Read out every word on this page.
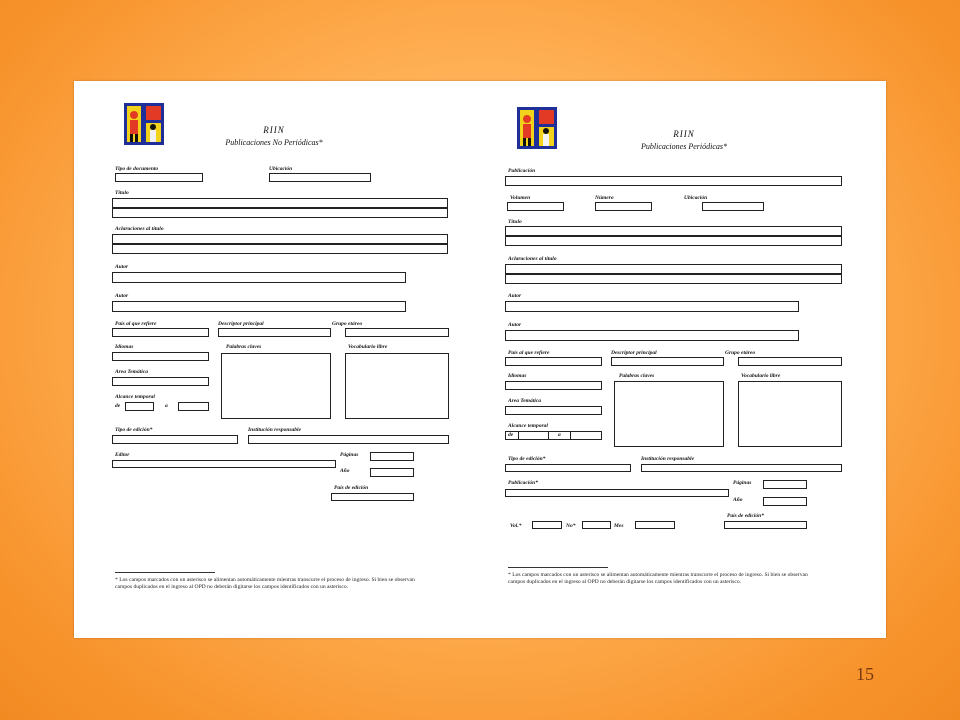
RIIN
Publicaciones No Periódicas*
Tipo de documento	Ubicación
Título
Aclaraciones al título
Autor
Autor
País al que refiere	Descriptor principal	Grupo etáreo
Idiomas	Palabras claves	Vocabulario libre
Area Temática
Alcance temporal
de	a
Tipo de edición*	Institución responsable
Editor	Páginas
Año
País de edición
* Los campos marcados con un asterisco se alimentan automáticamente mientras transcurre el proceso de ingreso. Si bien se observan campos duplicados en el ingreso al OPD no deberán digitarse los campos identificados con un asterisco.
RIIN
Publicaciones Periódicas*
Publicación
Volumen	Número	Ubicación
Título
Aclaraciones al título
Autor
Autor
País al que refiere	Descriptor principal	Grupo etáreo
Idiomas	Palabras claves	Vocabulario libre
Area Temática
Alcance temporal
de	a
Tipo de edición*	Institución responsable
Publicación*	Páginas
Año
País de edición*
Vol.*	No*	Mes
* Los campos marcados con un asterisco se alimentan automáticamente mientras transcurre el proceso de ingreso. Si bien se observan campos duplicados en el ingreso al OPD no deberán digitarse los campos identificados con un asterisco.
15
